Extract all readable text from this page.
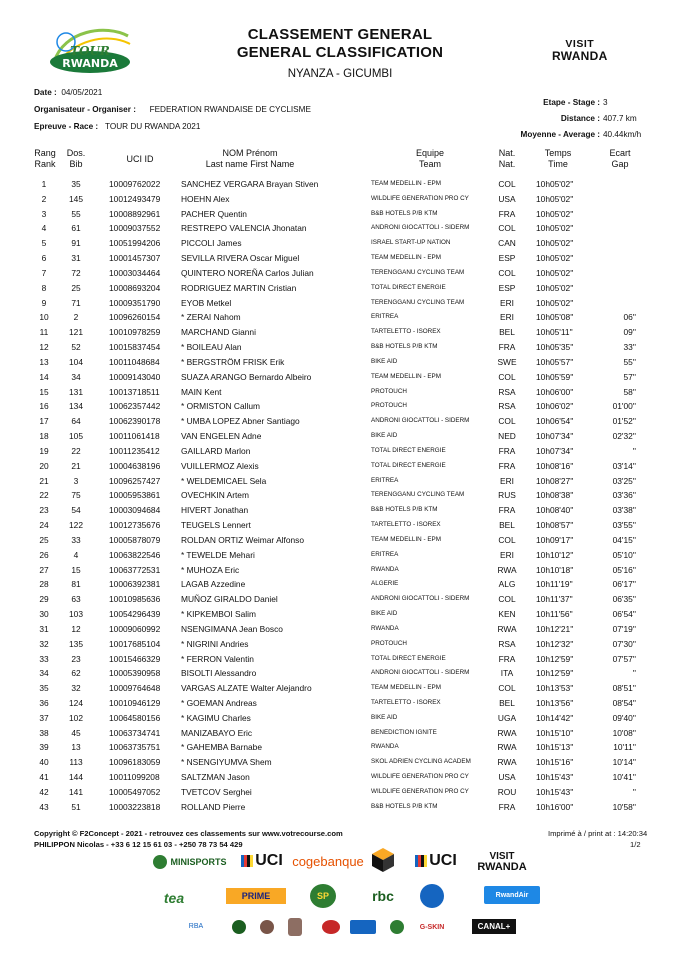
TOUR
RWANDA
CLASSEMENT GENERAL
GENERAL CLASSIFICATION
NYANZA - GICUMBI
VISIT
RWANDA
Date : 04/05/2021
Organisateur - Organiser : FEDERATION RWANDAISE DE CYCLISME
Epreuve - Race : TOUR DU RWANDA 2021
Etape - Stage : 3
Distance : 407.7 km
Moyenne - Average : 40.44km/h
Rang
Rank
Dos.
Bib	UCI ID
NOM Prénom
Last name First Name
Equipe
Team
Nat.
Nat.
Temps
Time
Ecart
Gap
1	35	10009762022 SANCHEZ VERGARA Brayan Stiven	TEAM MEDELLIN - EPM	COL	10h05'02''
2	145	10012493479 HOEHN Alex	WILDLIFE GENERATION PRO CY	USA	10h05'02''
3	55	10008892961 PACHER Quentin	B&B HOTELS P/B KTM	FRA	10h05'02''
4	61	10009037552 RESTREPO VALENCIA Jhonatan	ANDRONI GIOCATTOLI - SIDERM	COL	10h05'02''
5	91	10051994206 PICCOLI James	ISRAEL START-UP NATION	CAN	10h05'02''
6	31	10001457307 SEVILLA RIVERA Oscar Miguel	TEAM MEDELLIN - EPM	ESP	10h05'02''
7	72	10003034464 QUINTERO NOREÑA Carlos Julian	TERENGGANU CYCLING TEAM	COL	10h05'02''
8	25	10008693204 RODRIGUEZ MARTIN Cristian	TOTAL DIRECT ENERGIE	ESP	10h05'02''
9	71	10009351790 EYOB Metkel	TERENGGANU CYCLING TEAM	ERI	10h05'02''
10	2	10096260154 * ZERAI Nahom	ERITREA	ERI	10h05'08''	06''
11	121	10010978259 MARCHAND Gianni	TARTELETTO - ISOREX	BEL	10h05'11''	09''
12	52	10015837454 * BOILEAU Alan	B&B HOTELS P/B KTM	FRA	10h05'35''	33''
13	104	10011048684	* BERGSTRÖM FRISK Erik	BIKE AID	SWE	10h05'57''	55''
14	34	10009143040 SUAZA ARANGO Bernardo Albeiro	TEAM MEDELLIN - EPM	COL	10h05'59''	57''
15	131	10013718511	MAIN Kent	PROTOUCH	RSA	10h06'00''	58''
16	134	10062357442 * ORMISTON Callum	PROTOUCH	RSA	10h06'02''	01'00''
17	64	10062390178 * UMBA LOPEZ Abner Santiago	ANDRONI GIOCATTOLI - SIDERM	COL	10h06'54''	01'52''
18	105	10011061418	VAN ENGELEN Adne	BIKE AID	NED	10h07'34''	02'32''
19	22	10011235412	GAILLARD Marlon	TOTAL DIRECT ENERGIE	FRA	10h07'34''	''
20	21	10004638196 VUILLERMOZ Alexis	TOTAL DIRECT ENERGIE	FRA	10h08'16''	03'14''
21	3	10096257427 * WELDEMICAEL Sela	ERITREA	ERI	10h08'27''	03'25''
22	75	10005953861 OVECHKIN Artem	TERENGGANU CYCLING TEAM	RUS	10h08'38''	03'36''
23	54	10003094684 HIVERT Jonathan	B&B HOTELS P/B KTM	FRA	10h08'40''	03'38''
24	122	10012735676 TEUGELS Lennert	TARTELETTO - ISOREX	BEL	10h08'57''	03'55''
25	33	10005878079 ROLDAN ORTIZ Weimar Alfonso	TEAM MEDELLIN - EPM	COL	10h09'17''	04'15''
26	4	10063822546 * TEWELDE Mehari	ERITREA	ERI	10h10'12''	05'10''
27	15	10063772531 * MUHOZA Eric	RWANDA	RWA	10h10'18''	05'16''
28	81	10006392381 LAGAB Azzedine	ALGERIE	ALG	10h11'19''	06'17''
29	63	10010985636 MUÑOZ GIRALDO Daniel	ANDRONI GIOCATTOLI - SIDERM	COL	10h11'37''	06'35''
30	103	10054296439 * KIPKEMBOI Salim	BIKE AID	KEN	10h11'56''	06'54''
31	12	10009060992 NSENGIMANA Jean Bosco	RWANDA	RWA	10h12'21''	07'19''
32	135	10017685104 * NIGRINI Andries	PROTOUCH	RSA	10h12'32''	07'30''
33	23	10015466329 * FERRON Valentin	TOTAL DIRECT ENERGIE	FRA	10h12'59''	07'57''
34	62	10005390958 BISOLTI Alessandro	ANDRONI GIOCATTOLI - SIDERM	ITA	10h12'59''	''
35	32	10009764648 VARGAS ALZATE Walter Alejandro	TEAM MEDELLIN - EPM	COL	10h13'53''	08'51''
36	124	10010946129 * GOEMAN Andreas	TARTELETTO - ISOREX	BEL	10h13'56''	08'54''
37	102	10064580156 * KAGIMU Charles	BIKE AID	UGA	10h14'42''	09'40''
38	45	10063734741 MANIZABAYO Eric	BENEDICTION IGNITE	RWA	10h15'10''	10'08''
39	13	10063735751 * GAHEMBA Barnabe	RWANDA	RWA	10h15'13''	10'11''
40	113	10096183059 * NSENGIYUMVA Shem	SKOL ADRIEN CYCLING ACADEM	RWA	10h15'16''	10'14''
41	144	10011099208	SALTZMAN Jason	WILDLIFE GENERATION PRO CY	USA	10h15'43''	10'41''
42	141	10005497052 TVETCOV Serghei	WILDLIFE GENERATION PRO CY	ROU	10h15'43''	''
43	51	10003223818 ROLLAND Pierre	B&B HOTELS P/B KTM	FRA	10h16'00''	10'58''
Copyright © F2Concept - 2021 - retrouvez ces classements sur www.votrecourse.com
PHILIPPON Nicolas - +33 6 12 15 61 03 - +250 78 73 54 429
Imprimé à / print at : 14:20:34
1/2
MINISPORTS UCI cogebanque	UCI	VISIT
RWANDA
tea	PRIME	SP	rbc	RwandAir
RBA	G-SKIN	CANAL+
